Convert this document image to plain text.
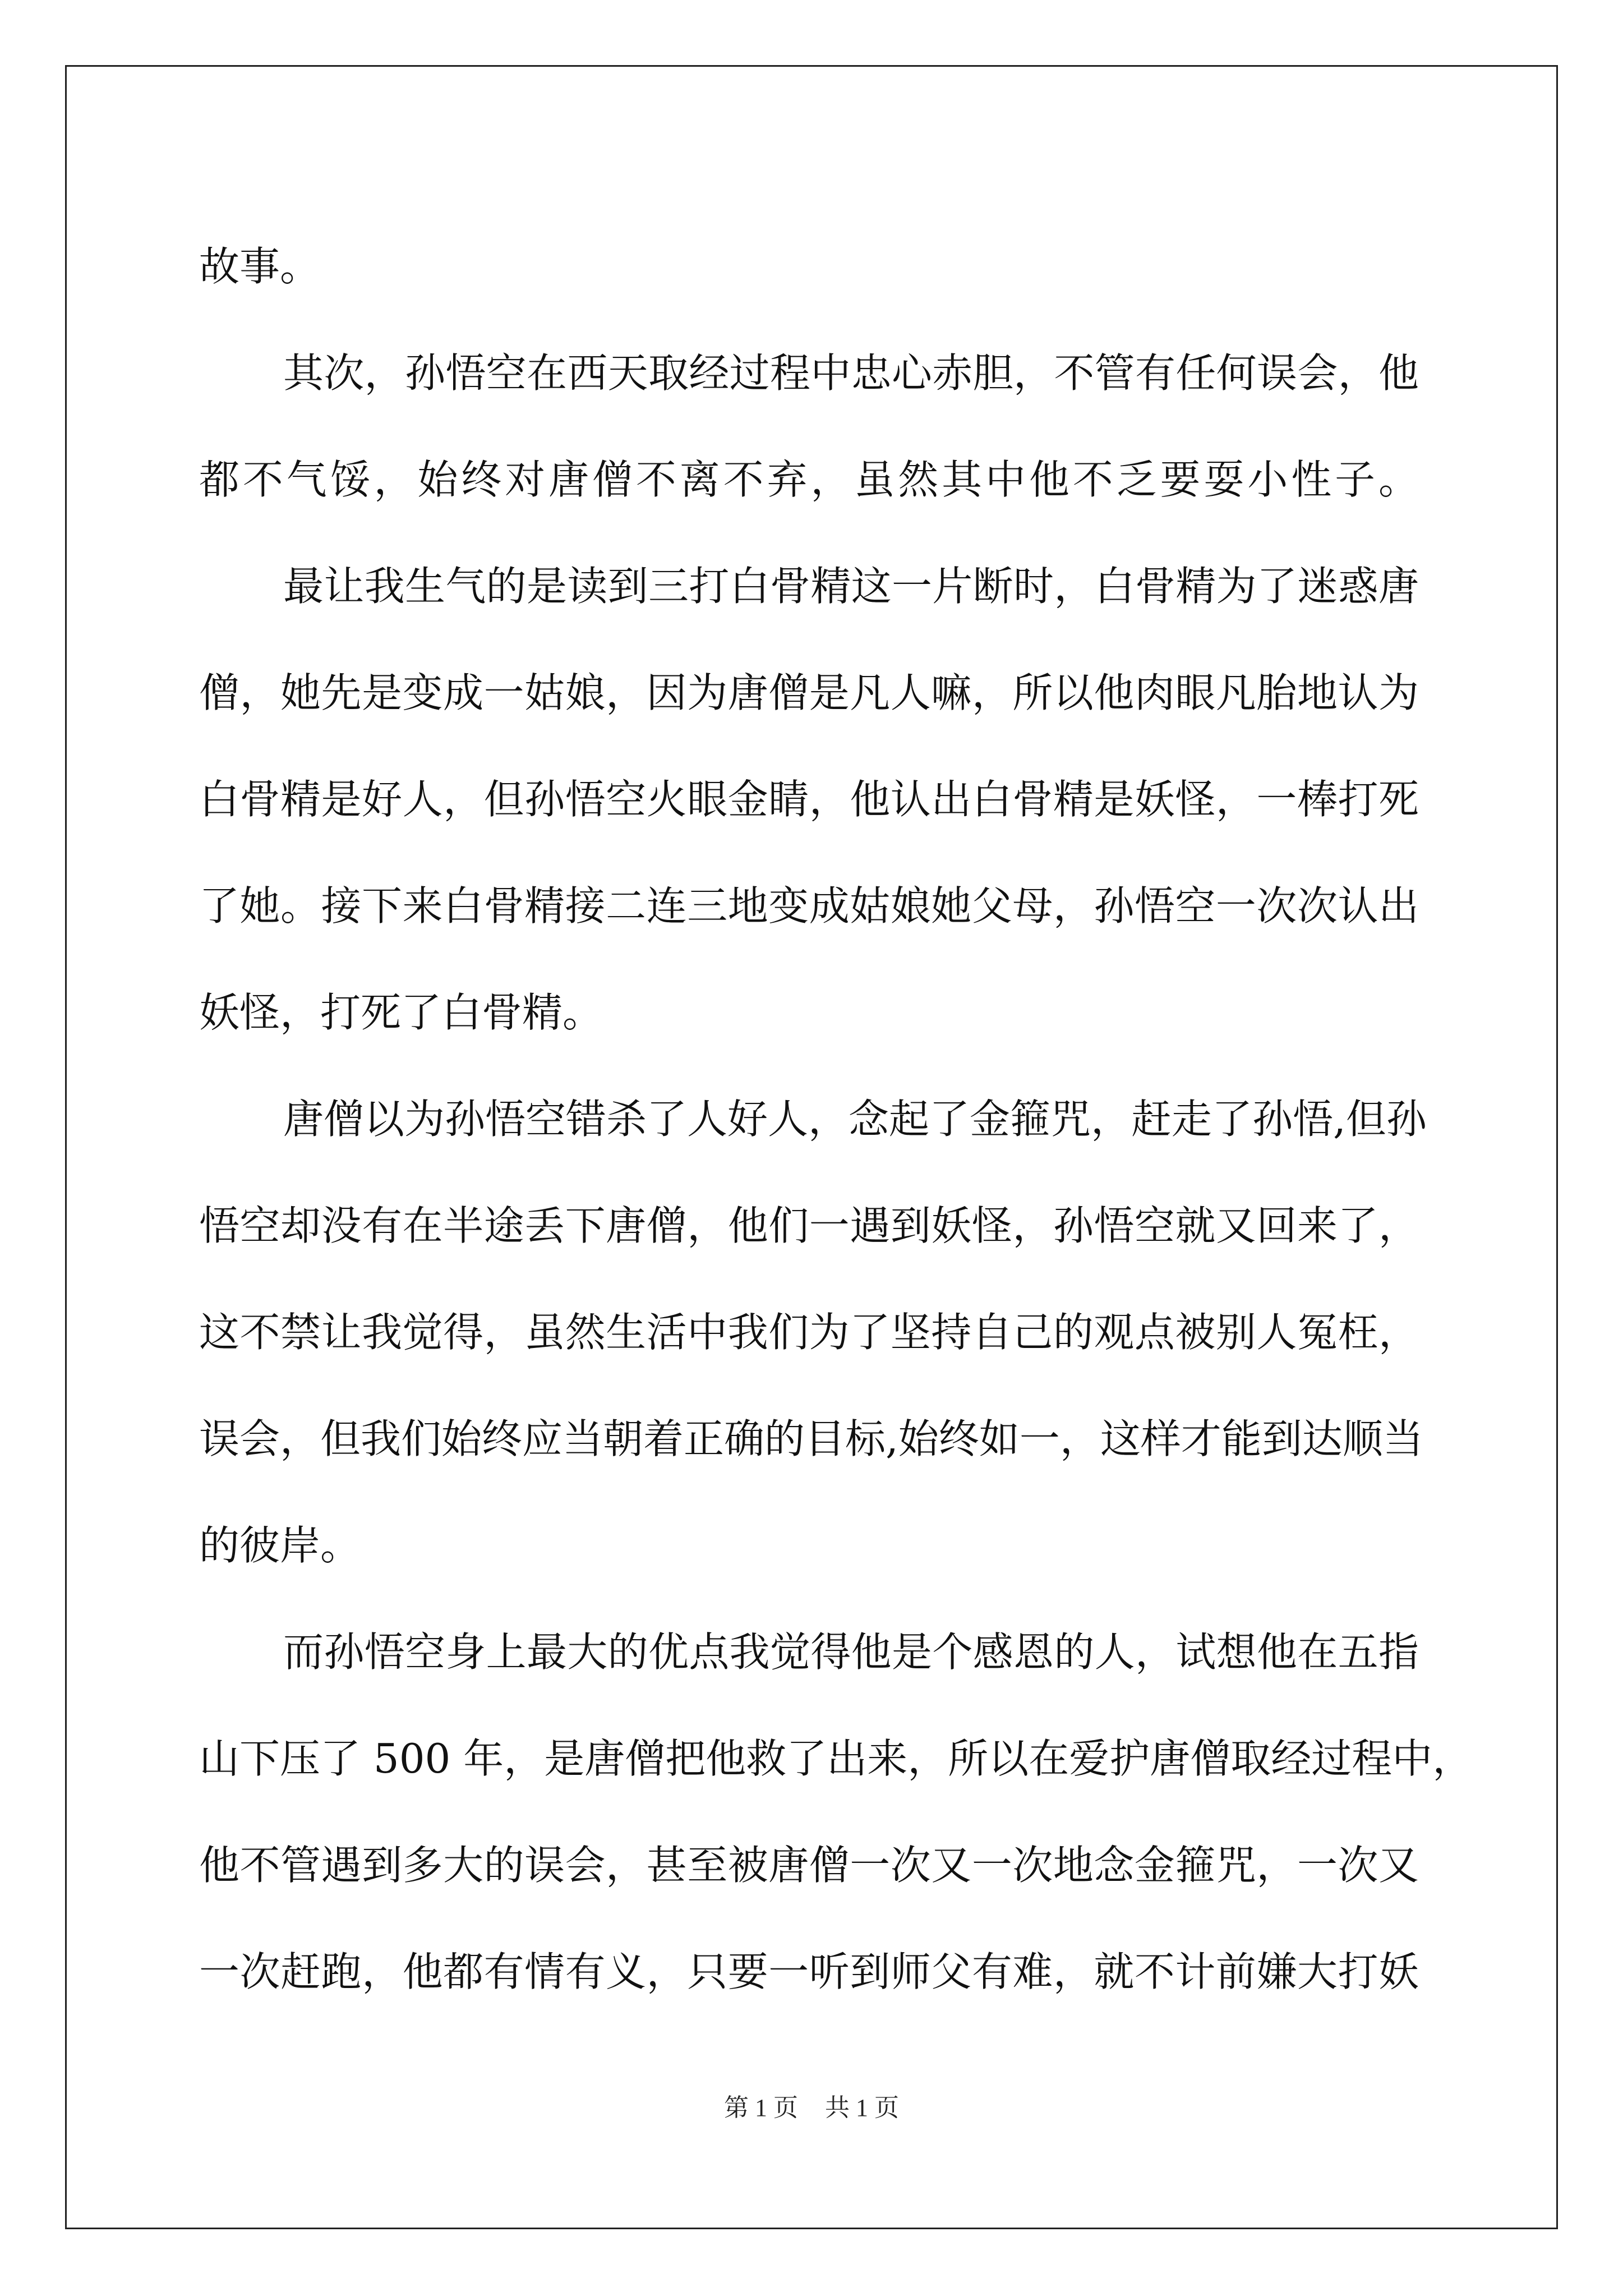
故事。
其次，孙悟空在西天取经过程中忠心赤胆，不管有任何误会，他
都不气馁，始终对唐僧不离不弃，虽然其中他不乏要耍小性子。
最让我生气的是读到三打白骨精这一片断时，白骨精为了迷惑唐
僧，她先是变成一姑娘，因为唐僧是凡人嘛，所以他肉眼凡胎地认为
白骨精是好人，但孙悟空火眼金睛，他认出白骨精是妖怪，一棒打死
了她。接下来白骨精接二连三地变成姑娘她父母，孙悟空一次次认出
妖怪，打死了白骨精。
唐僧以为孙悟空错杀了人好人，念起了金箍咒，赶走了孙悟,但孙
悟空却没有在半途丢下唐僧，他们一遇到妖怪，孙悟空就又回来了，
这不禁让我觉得，虽然生活中我们为了坚持自己的观点被别人冤枉，
误会，但我们始终应当朝着正确的目标,始终如一，这样才能到达顺当
的彼岸。
而孙悟空身上最大的优点我觉得他是个感恩的人，试想他在五指
山下压了 500 年，是唐僧把他救了出来，所以在爱护唐僧取经过程中，
他不管遇到多大的误会，甚至被唐僧一次又一次地念金箍咒，一次又
一次赶跑，他都有情有义，只要一听到师父有难，就不计前嫌大打妖
第 1 页 共 1 页
